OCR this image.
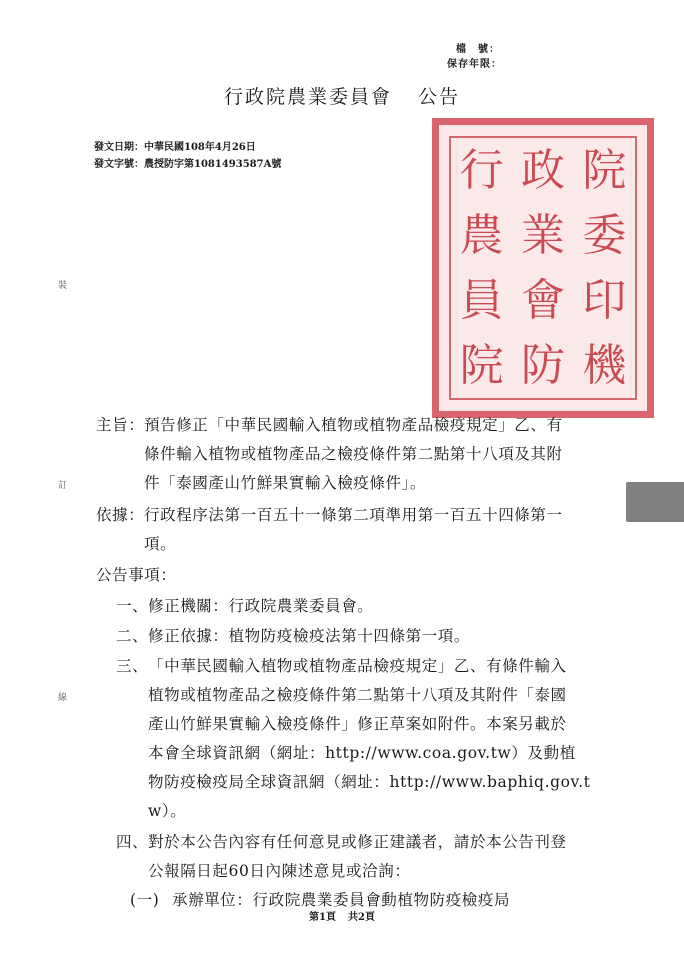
檔　號：
保存年限：
行政院農業委員會 公告
發文日期：中華民國108年4月26日
發文字號：農授防字第1081493587A號	行 政 院
農 業 委
員 會 印
院 防 機
裝
訂
線
主旨： 預告修正「中華民國輸入植物或植物產品檢疫規定」乙、有
條件輸入植物或植物產品之檢疫條件第二點第十八項及其附
件「泰國產山竹鮮果實輸入檢疫條件」。
依據： 行政程序法第一百五十一條第二項準用第一百五十四條第一
項。
公告事項：
一、 修正機關：行政院農業委員會。
二、 修正依據：植物防疫檢疫法第十四條第一項。
三、 「中華民國輸入植物或植物產品檢疫規定」乙、有條件輸入
植物或植物產品之檢疫條件第二點第十八項及其附件「泰國
產山竹鮮果實輸入檢疫條件」修正草案如附件。本案另載於
本會全球資訊網（網址：http://www.coa.gov.tw）及動植
物防疫檢疫局全球資訊網（網址：http://www.baphiq.gov.t
w）。
四、 對於本公告內容有任何意見或修正建議者，請於本公告刊登
公報隔日起60日內陳述意見或洽詢：
(一) 承辦單位：行政院農業委員會動植物防疫檢疫局
第1頁 共2頁
